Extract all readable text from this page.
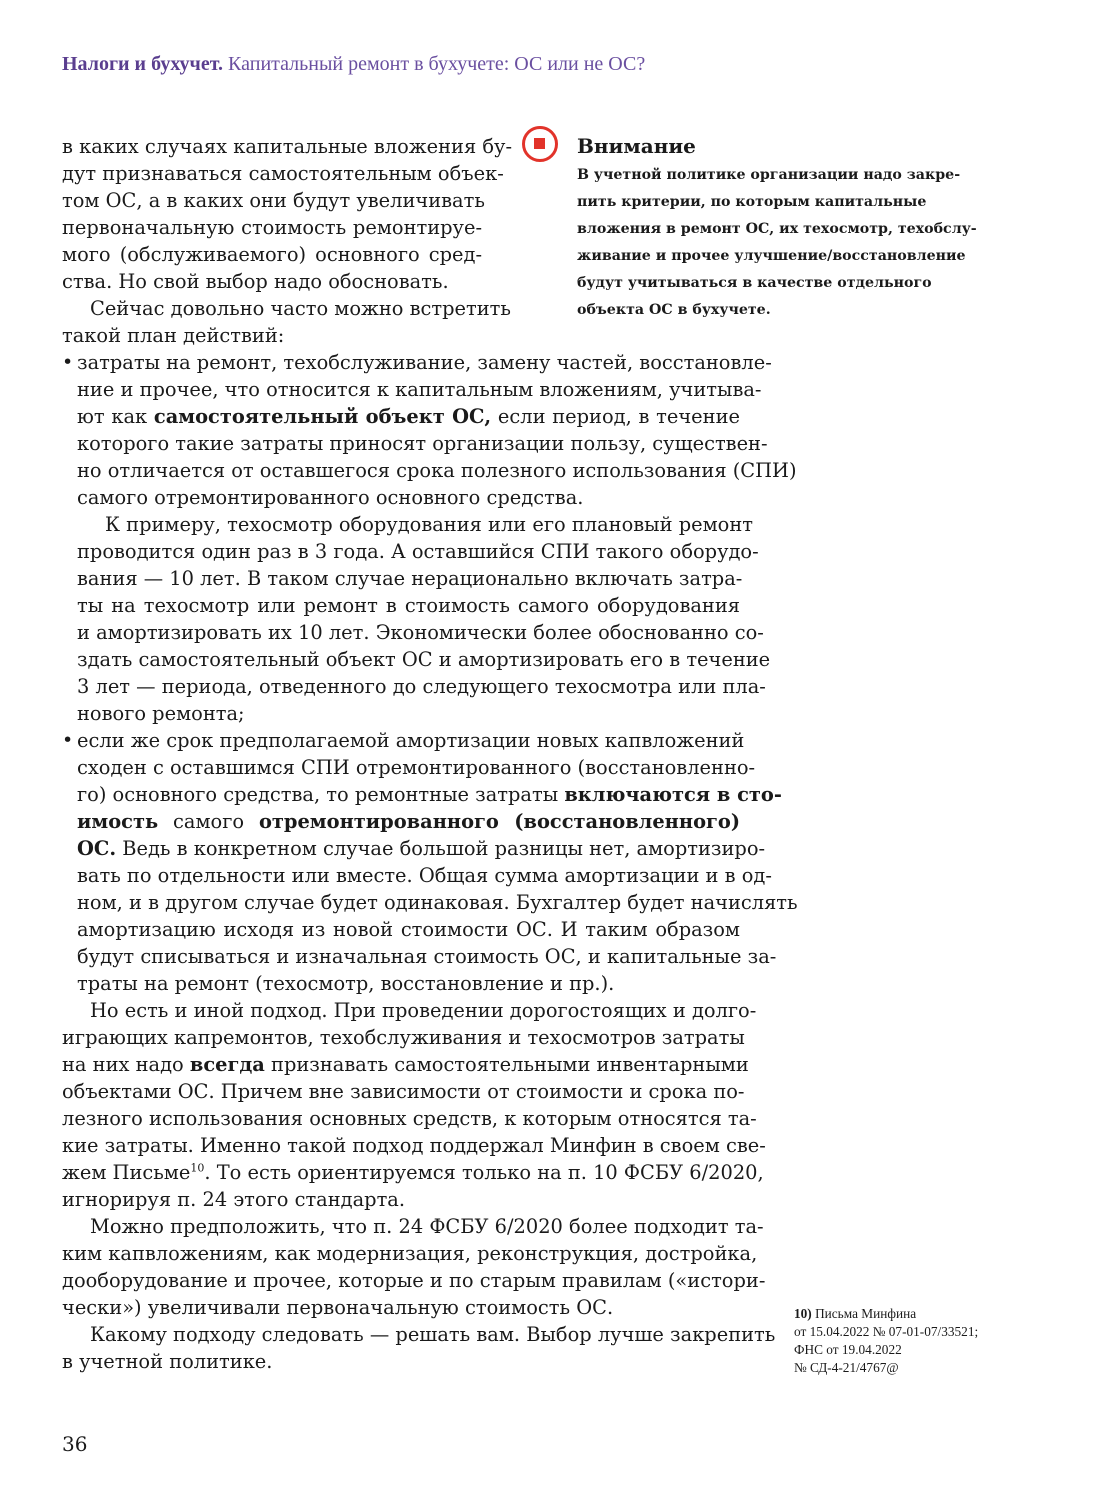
Налоги и бухучет. Капитальный ремонт в бухучете: ОС или не ОС?
Внимание
В учетной политике организации надо закре-
пить критерии, по которым капитальные
вложения в ремонт ОС, их техосмотр, техобслу-
живание и прочее улучшение/восстановление
будут учитываться в качестве отдельного
объекта ОС в бухучете.
в каких случаях капитальные вложения бу-
дут признаваться самостоятельным объек-
том ОС, а в каких они будут увеличивать
первоначальную стоимость ремонтируе-
мого (обслуживаемого) основного сред-
ства. Но свой выбор надо обосновать.
Сейчас довольно часто можно встретить
такой план действий:
затраты на ремонт, техобслуживание, замену частей, восстановле-
•
ние и прочее, что относится к капитальным вложениям, учитыва-
ют как самостоятельный объект ОС, если период, в течение
которого такие затраты приносят организации пользу, существен-
но отличается от оставшегося срока полезного использования (СПИ)
самого отремонтированного основного средства.
К примеру, техосмотр оборудования или его плановый ремонт
проводится один раз в 3 года. А оставшийся СПИ такого оборудо-
вания — 10 лет. В таком случае нерационально включать затра-
ты на техосмотр или ремонт в стоимость самого оборудования
и амортизировать их 10 лет. Экономически более обоснованно со-
здать самостоятельный объект ОС и амортизировать его в течение
3 лет — периода, отведенного до следующего техосмотра или пла-
нового ремонта;
если же срок предполагаемой амортизации новых капвложений
•
сходен с оставшимся СПИ отремонтированного (восстановленно-
го) основного средства, то ремонтные затраты включаются в сто-
имость самого отремонтированного (восстановленного)
ОС. Ведь в конкретном случае большой разницы нет, амортизиро-
вать по отдельности или вместе. Общая сумма амортизации и в од-
ном, и в другом случае будет одинаковая. Бухгалтер будет начислять
амортизацию исходя из новой стоимости ОС. И таким образом
будут списываться и изначальная стоимость ОС, и капитальные за-
траты на ремонт (техосмотр, восстановление и пр.).
Но есть и иной подход. При проведении дорогостоящих и долго-
играющих капремонтов, техобслуживания и техосмотров затраты
на них надо всегда признавать самостоятельными инвентарными
объектами ОС. Причем вне зависимости от стоимости и срока по-
лезного использования основных средств, к которым относятся та-
кие затраты. Именно такой подход поддержал Минфин в своем све-
жем Письме$^{10}$. То есть ориентируемся только на п. 10 ФСБУ 6/2020,
игнорируя п. 24 этого стандарта.
Можно предположить, что п. 24 ФСБУ 6/2020 более подходит та-
ким капвложениям, как модернизация, реконструкция, достройка,
дооборудование и прочее, которые и по старым правилам («истори-
чески») увеличивали первоначальную стоимость ОС.
Какому подходу следовать — решать вам. Выбор лучше закрепить
в учетной политике.
10) Письма Минфина
от 15.04.2022 № 07-01-07/33521;
ФНС от 19.04.2022
№ СД-4-21/4767@
36
